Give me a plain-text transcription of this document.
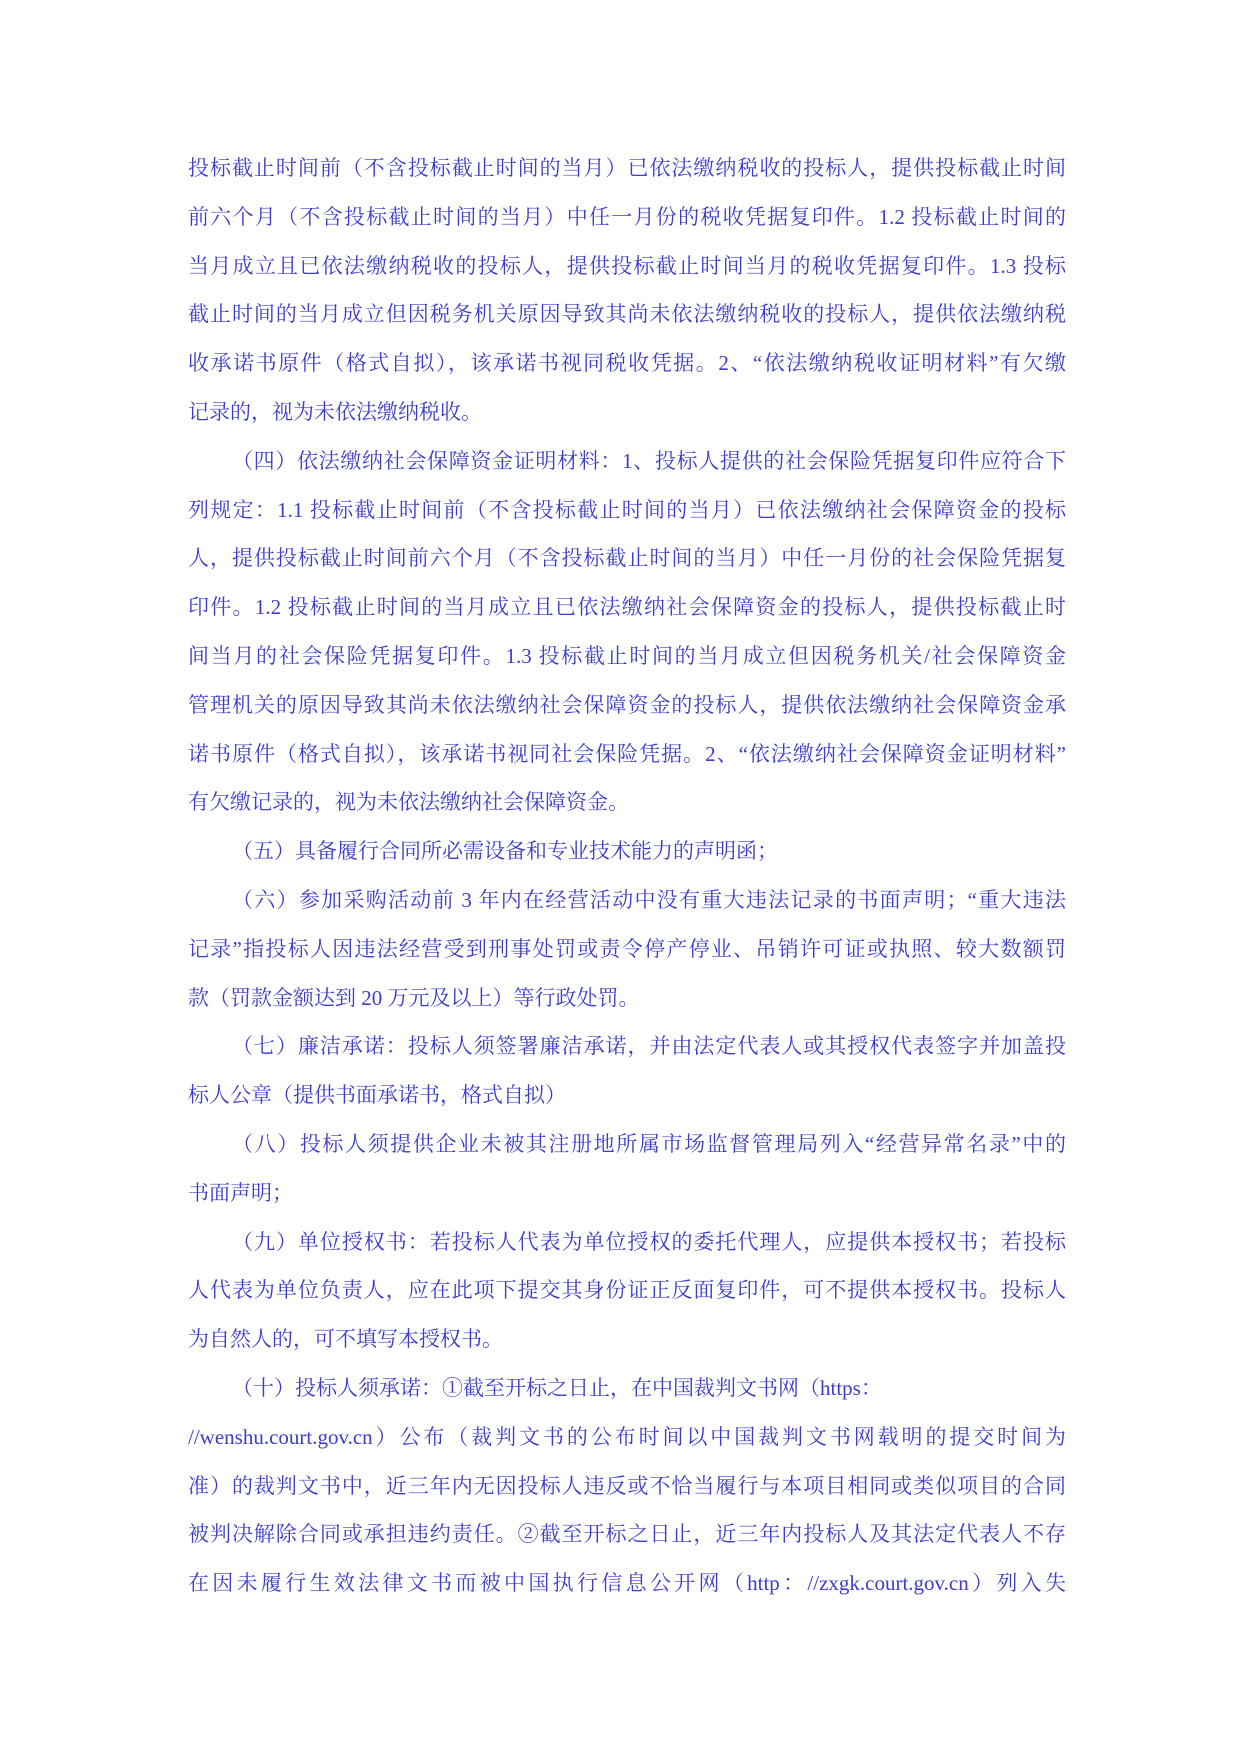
投标截止时间前（不含投标截止时间的当月）已依法缴纳税收的投标人，提供投标截止时间
前六个月（不含投标截止时间的当月）中任一月份的税收凭据复印件。1.2 投标截止时间的
当月成立且已依法缴纳税收的投标人，提供投标截止时间当月的税收凭据复印件。1.3 投标
截止时间的当月成立但因税务机关原因导致其尚未依法缴纳税收的投标人，提供依法缴纳税
收承诺书原件（格式自拟），该承诺书视同税收凭据。2、“依法缴纳税收证明材料”有欠缴
记录的，视为未依法缴纳税收。
（四）依法缴纳社会保障资金证明材料：1、投标人提供的社会保险凭据复印件应符合下
列规定：1.1 投标截止时间前（不含投标截止时间的当月）已依法缴纳社会保障资金的投标
人，提供投标截止时间前六个月（不含投标截止时间的当月）中任一月份的社会保险凭据复
印件。1.2 投标截止时间的当月成立且已依法缴纳社会保障资金的投标人，提供投标截止时
间当月的社会保险凭据复印件。1.3 投标截止时间的当月成立但因税务机关/社会保障资金
管理机关的原因导致其尚未依法缴纳社会保障资金的投标人，提供依法缴纳社会保障资金承
诺书原件（格式自拟），该承诺书视同社会保险凭据。2、“依法缴纳社会保障资金证明材料”
有欠缴记录的，视为未依法缴纳社会保障资金。
（五）具备履行合同所必需设备和专业技术能力的声明函；
（六）参加采购活动前 3 年内在经营活动中没有重大违法记录的书面声明；“重大违法
记录”指投标人因违法经营受到刑事处罚或责令停产停业、吊销许可证或执照、较大数额罚
款（罚款金额达到 20 万元及以上）等行政处罚。
（七）廉洁承诺：投标人须签署廉洁承诺，并由法定代表人或其授权代表签字并加盖投
标人公章（提供书面承诺书，格式自拟）
（八）投标人须提供企业未被其注册地所属市场监督管理局列入“经营异常名录”中的
书面声明；
（九）单位授权书：若投标人代表为单位授权的委托代理人，应提供本授权书；若投标
人代表为单位负责人，应在此项下提交其身份证正反面复印件，可不提供本授权书。投标人
为自然人的，可不填写本授权书。
（十）投标人须承诺：①截至开标之日止，在中国裁判文书网（https：
//wenshu.court.gov.cn）公布（裁判文书的公布时间以中国裁判文书网载明的提交时间为
准）的裁判文书中，近三年内无因投标人违反或不恰当履行与本项目相同或类似项目的合同
被判决解除合同或承担违约责任。②截至开标之日止，近三年内投标人及其法定代表人不存
在因未履行生效法律文书而被中国执行信息公开网（http：//zxgk.court.gov.cn）列入失
